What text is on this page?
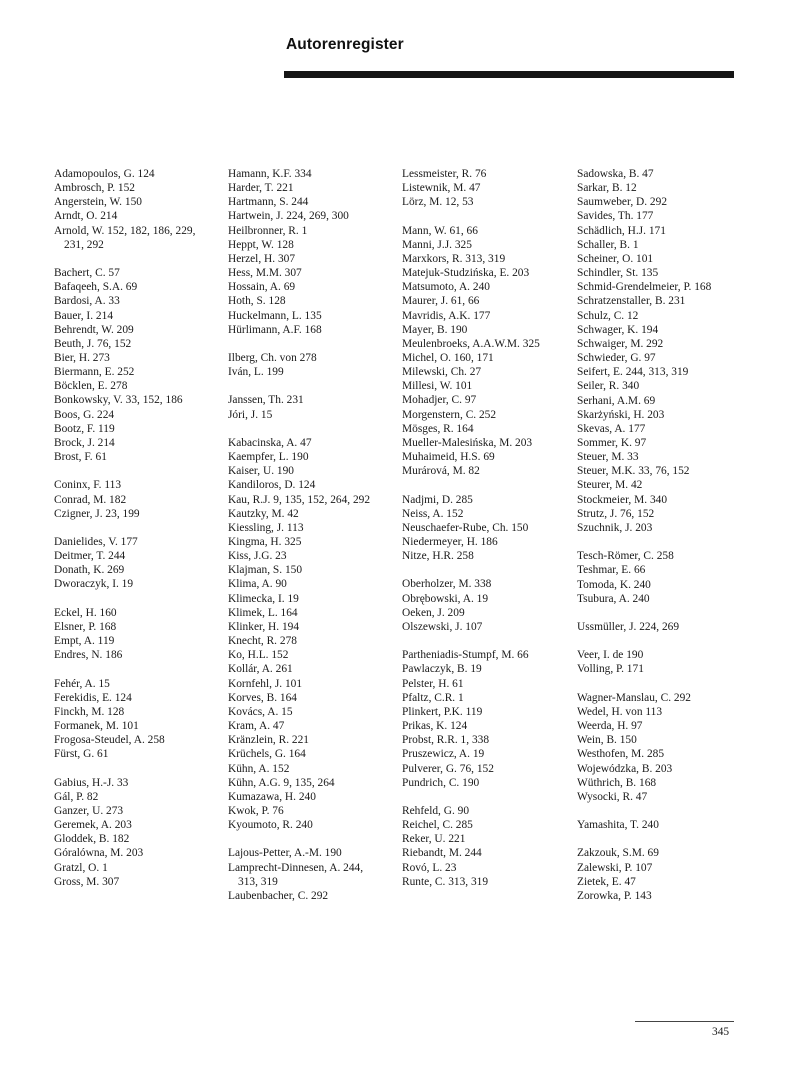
Autorenregister
Adamopoulos, G. 124
Ambrosch, P. 152
Angerstein, W. 150
Arndt, O. 214
Arnold, W. 152, 182, 186, 229,
231, 292
Bachert, C. 57
Bafaqeeh, S.A. 69
Bardosi, A. 33
Bauer, I. 214
Behrendt, W. 209
Beuth, J. 76, 152
Bier, H. 273
Biermann, E. 252
Böcklen, E. 278
Bonkowsky, V. 33, 152, 186
Boos, G. 224
Bootz, F. 119
Brock, J. 214
Brost, F. 61
Coninx, F. 113
Conrad, M. 182
Czigner, J. 23, 199
Danielides, V. 177
Deitmer, T. 244
Donath, K. 269
Dworaczyk, I. 19
Eckel, H. 160
Elsner, P. 168
Empt, A. 119
Endres, N. 186
Fehér, A. 15
Ferekidis, E. 124
Finckh, M. 128
Formanek, M. 101
Frogosa-Steudel, A. 258
Fürst, G. 61
Gabius, H.-J. 33
Gál, P. 82
Ganzer, U. 273
Geremek, A. 203
Gloddek, B. 182
Góralówna, M. 203
Gratzl, O. 1
Gross, M. 307
Hamann, K.F. 334
Harder, T. 221
Hartmann, S. 244
Hartwein, J. 224, 269, 300
Heilbronner, R. 1
Heppt, W. 128
Herzel, H. 307
Hess, M.M. 307
Hossain, A. 69
Hoth, S. 128
Huckelmann, L. 135
Hürlimann, A.F. 168
Ilberg, Ch. von 278
Iván, L. 199
Janssen, Th. 231
Jóri, J. 15
Kabacinska, A. 47
Kaempfer, L. 190
Kaiser, U. 190
Kandiloros, D. 124
Kau, R.J. 9, 135, 152, 264, 292
Kautzky, M. 42
Kiessling, J. 113
Kingma, H. 325
Kiss, J.G. 23
Klajman, S. 150
Klima, A. 90
Klimecka, I. 19
Klimek, L. 164
Klinker, H. 194
Knecht, R. 278
Ko, H.L. 152
Kollár, A. 261
Kornfehl, J. 101
Korves, B. 164
Kovács, A. 15
Kram, A. 47
Kränzlein, R. 221
Krüchels, G. 164
Kühn, A. 152
Kühn, A.G. 9, 135, 264
Kumazawa, H. 240
Kwok, P. 76
Kyoumoto, R. 240
Lajous-Petter, A.-M. 190
Lamprecht-Dinnesen, A. 244,
313, 319
Laubenbacher, C. 292
Lessmeister, R. 76
Listewnik, M. 47
Lörz, M. 12, 53
Mann, W. 61, 66
Manni, J.J. 325
Marxkors, R. 313, 319
Matejuk-Studzińska, E. 203
Matsumoto, A. 240
Maurer, J. 61, 66
Mavridis, A.K. 177
Mayer, B. 190
Meulenbroeks, A.A.W.M. 325
Michel, O. 160, 171
Milewski, Ch. 27
Millesi, W. 101
Mohadjer, C. 97
Morgenstern, C. 252
Mösges, R. 164
Mueller-Malesińska, M. 203
Muhaimeid, H.S. 69
Murárová, M. 82
Nadjmi, D. 285
Neiss, A. 152
Neuschaefer-Rube, Ch. 150
Niedermeyer, H. 186
Nitze, H.R. 258
Oberholzer, M. 338
Obrębowski, A. 19
Oeken, J. 209
Olszewski, J. 107
Partheniadis-Stumpf, M. 66
Pawlaczyk, B. 19
Pelster, H. 61
Pfaltz, C.R. 1
Plinkert, P.K. 119
Prikas, K. 124
Probst, R.R. 1, 338
Pruszewicz, A. 19
Pulverer, G. 76, 152
Pundrich, C. 190
Rehfeld, G. 90
Reichel, C. 285
Reker, U. 221
Riebandt, M. 244
Rovó, L. 23
Runte, C. 313, 319
Sadowska, B. 47
Sarkar, B. 12
Saumweber, D. 292
Savides, Th. 177
Schädlich, H.J. 171
Schaller, B. 1
Scheiner, O. 101
Schindler, St. 135
Schmid-Grendelmeier, P. 168
Schratzenstaller, B. 231
Schulz, C. 12
Schwager, K. 194
Schwaiger, M. 292
Schwieder, G. 97
Seifert, E. 244, 313, 319
Seiler, R. 340
Serhani, A.M. 69
Skarżyński, H. 203
Skevas, A. 177
Sommer, K. 97
Steuer, M. 33
Steuer, M.K. 33, 76, 152
Steurer, M. 42
Stockmeier, M. 340
Strutz, J. 76, 152
Szuchnik, J. 203
Tesch-Römer, C. 258
Teshmar, E. 66
Tomoda, K. 240
Tsubura, A. 240
Ussmüller, J. 224, 269
Veer, I. de 190
Volling, P. 171
Wagner-Manslau, C. 292
Wedel, H. von 113
Weerda, H. 97
Wein, B. 150
Westhofen, M. 285
Wojewódzka, B. 203
Wüthrich, B. 168
Wysocki, R. 47
Yamashita, T. 240
Zakzouk, S.M. 69
Zalewski, P. 107
Zietek, E. 47
Zorowka, P. 143
345
